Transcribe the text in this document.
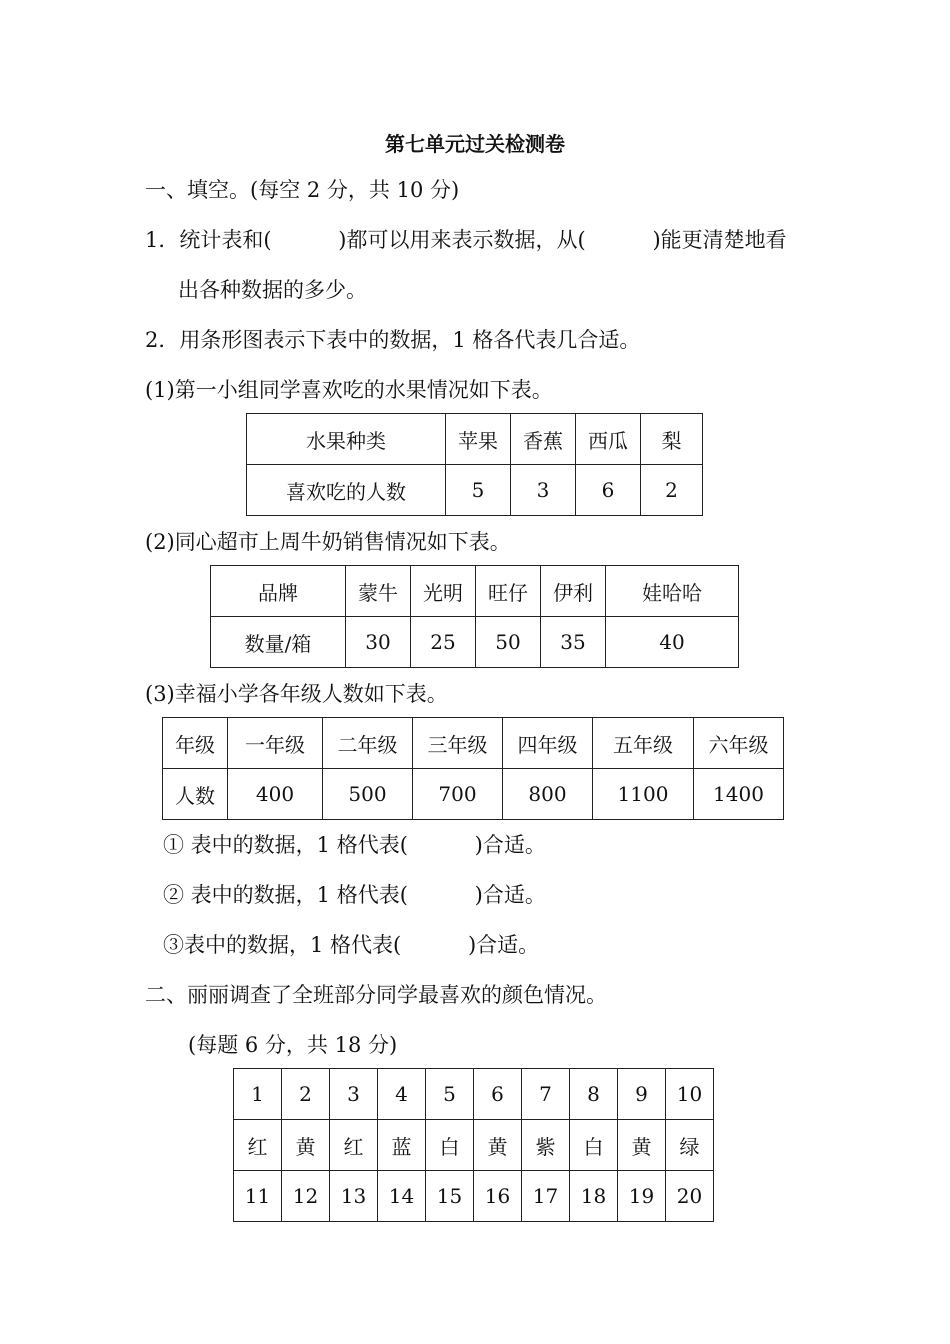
第七单元过关检测卷
一、填空。(每空 2 分，共 10 分)
1．统计表和(          )都可以用来表示数据，从(          )能更清楚地看
出各种数据的多少。
2．用条形图表示下表中的数据，1 格各代表几合适。
(1)第一小组同学喜欢吃的水果情况如下表。
水果种类	苹果	香蕉	西瓜	梨
喜欢吃的人数	5	3	6	2
(2)同心超市上周牛奶销售情况如下表。
品牌	蒙牛	光明	旺仔	伊利	娃哈哈
数量/箱	30	25	50	35	40
(3)幸福小学各年级人数如下表。
年级	一年级	二年级	三年级	四年级	五年级	六年级
人数	400	500	700	800	1100	1400
① 表中的数据，1 格代表(          )合适。
② 表中的数据，1 格代表(          )合适。
③表中的数据，1 格代表(          )合适。
二、丽丽调查了全班部分同学最喜欢的颜色情况。
(每题 6 分，共 18 分)
1	2	3	4	5	6	7	8	9	10
红	黄	红	蓝	白	黄	紫	白	黄	绿
11	12	13	14	15	16	17	18	19	20
